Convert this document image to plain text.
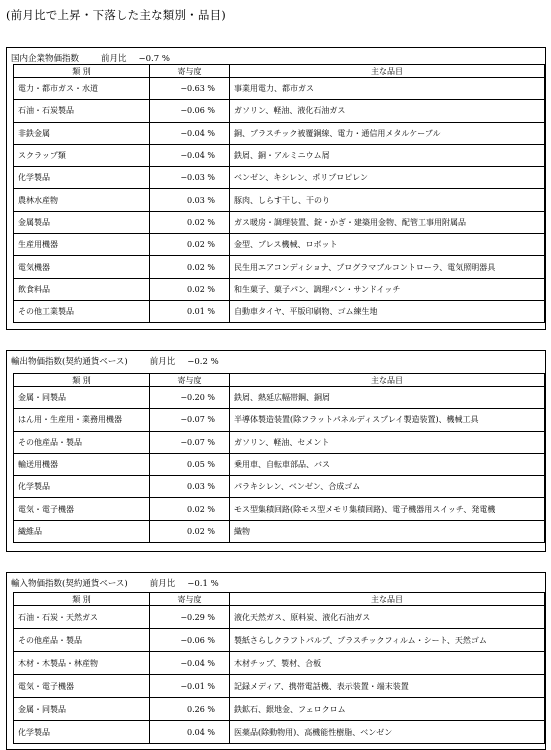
(前月比で上昇・下落した主な類別・品目)
国内企業物価指数	前月比 −0.7 %
類 別	寄与度	主な品目
電力・都市ガス・水道	−0.63 %	事業用電力、都市ガス
石油・石炭製品	−0.06 %	ガソリン、軽油、液化石油ガス
非鉄金属	−0.04 %	銅、プラスチック被覆銅線、電力・通信用メタルケーブル
スクラップ類	−0.04 %	鉄屑、銅・アルミニウム屑
化学製品	−0.03 %	ベンゼン、キシレン、ポリプロピレン
農林水産物	0.03 %	豚肉、しらす干し、干のり
金属製品	0.02 %	ガス暖房・調理装置、錠・かぎ・建築用金物、配管工事用附属品
生産用機器	0.02 %	金型、プレス機械、ロボット
電気機器	0.02 %	民生用エアコンディショナ、プログラマブルコントローラ、電気照明器具
飲食料品	0.02 %	和生菓子、菓子パン、調理パン・サンドイッチ
その他工業製品	0.01 %	自動車タイヤ、平版印刷物、ゴム練生地
輸出物価指数(契約通貨ベース)	前月比 −0.2 %
類 別	寄与度	主な品目
金属・同製品	−0.20 %	鉄屑、熱延広幅帯鋼、銅屑
はん用・生産用・業務用機器	−0.07 %	半導体製造装置(除フラットパネルディスプレイ製造装置)、機械工具
その他産品・製品	−0.07 %	ガソリン、軽油、セメント
輸送用機器	0.05 %	乗用車、自転車部品、バス
化学製品	0.03 %	パラキシレン、ベンゼン、合成ゴム
電気・電子機器	0.02 %	モス型集積回路(除モス型メモリ集積回路)、電子機器用スイッチ、発電機
繊維品	0.02 %	織物
輸入物価指数(契約通貨ベース)	前月比 −0.1 %
類 別	寄与度	主な品目
石油・石炭・天然ガス	−0.29 %	液化天然ガス、原料炭、液化石油ガス
その他産品・製品	−0.06 %	製紙さらしクラフトパルプ、プラスチックフィルム・シート、天然ゴム
木材・木製品・林産物	−0.04 %	木材チップ、製材、合板
電気・電子機器	−0.01 %	記録メディア、携帯電話機、表示装置・端末装置
金属・同製品	0.26 %	鉄鉱石、銀地金、フェロクロム
化学製品	0.04 %	医薬品(除動物用)、高機能性樹脂、ベンゼン
